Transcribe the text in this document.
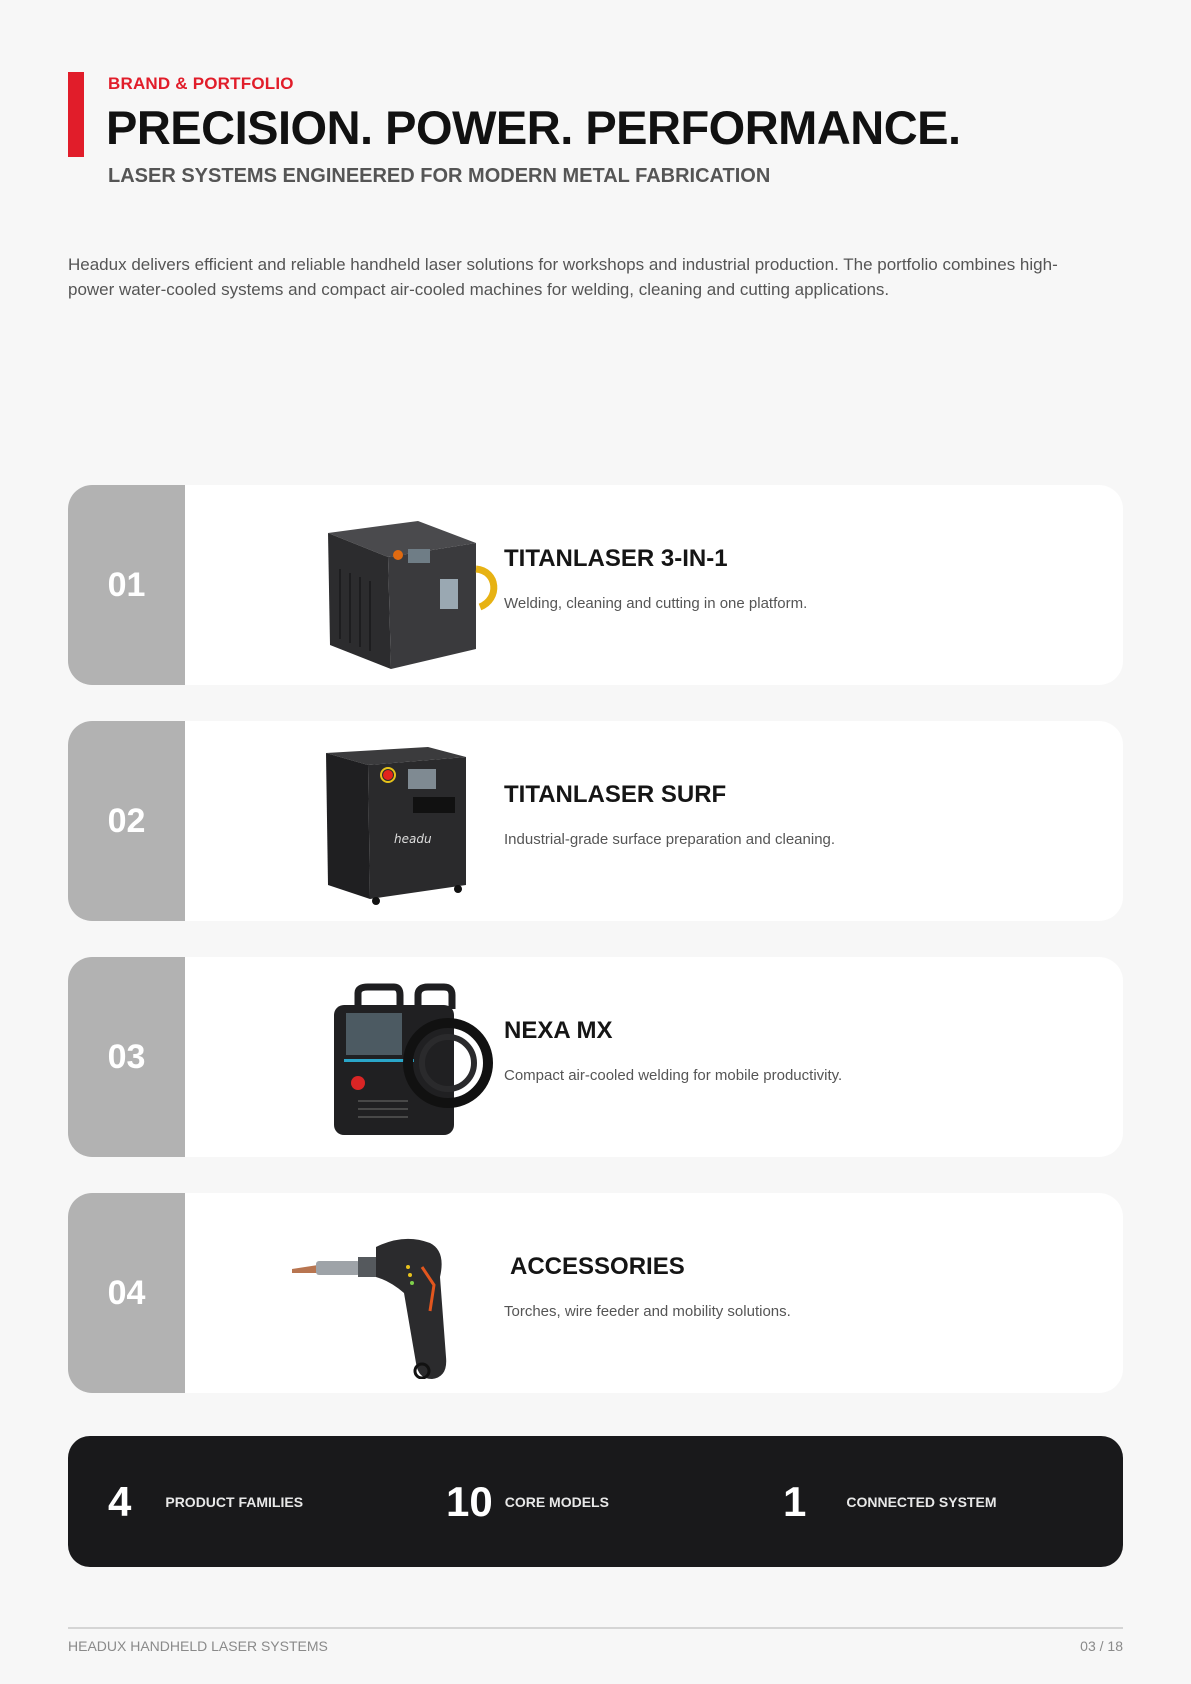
BRAND & PORTFOLIO
PRECISION. POWER. PERFORMANCE.
LASER SYSTEMS ENGINEERED FOR MODERN METAL FABRICATION
Headux delivers efficient and reliable handheld laser solutions for workshops and industrial production. The portfolio combines high-power water-cooled systems and compact air-cooled machines for welding, cleaning and cutting applications.
01
TITANLASER 3-IN-1
Welding, cleaning and cutting in one platform.
02	headu
TITANLASER SURF
Industrial-grade surface preparation and cleaning.
03
NEXA MX
Compact air-cooled welding for mobile productivity.
04
ACCESSORIES
Torches, wire feeder and mobility solutions.
4 PRODUCT FAMILIES	10 CORE MODELS	1	CONNECTED SYSTEM
HEADUX HANDHELD LASER SYSTEMS	03 / 18
